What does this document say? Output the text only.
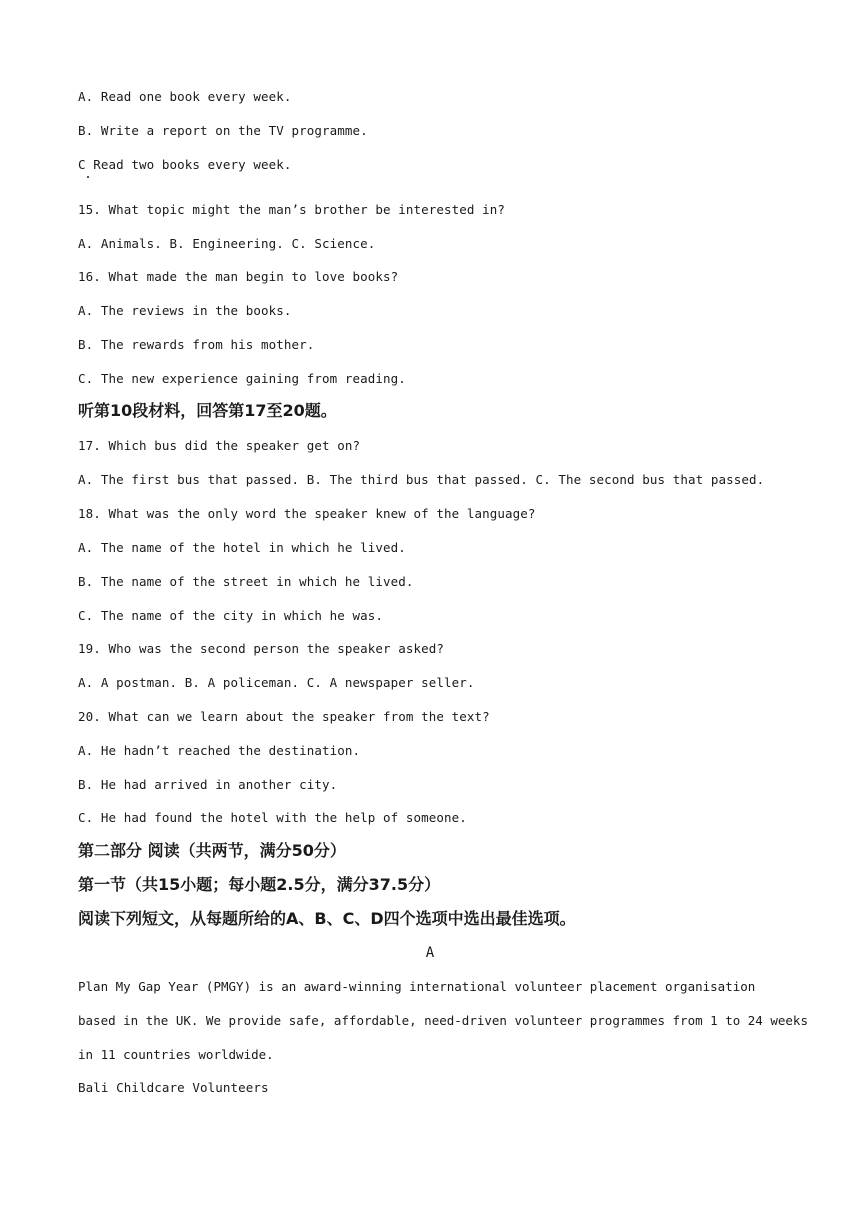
A. Read one book every week.
B. Write a report on the TV programme.
C Read two books every week.
15. What topic might the man’s brother be interested in?
A. Animals. B. Engineering. C. Science.
16. What made the man begin to love books?
A. The reviews in the books.
B. The rewards from his mother.
C. The new experience gaining from reading.
听第10段材料，回答第17至20题。
17. Which bus did the speaker get on?
A. The first bus that passed. B. The third bus that passed. C. The second bus that passed.
18. What was the only word the speaker knew of the language?
A. The name of the hotel in which he lived.
B. The name of the street in which he lived.
C. The name of the city in which he was.
19. Who was the second person the speaker asked?
A. A postman. B. A policeman. C. A newspaper seller.
20. What can we learn about the speaker from the text?
A. He hadn’t reached the destination.
B. He had arrived in another city.
C. He had found the hotel with the help of someone.
第二部分 阅读（共两节，满分50分）
第一节（共15小题；每小题2.5分，满分37.5分）
阅读下列短文，从每题所给的A、B、C、D四个选项中选出最佳选项。
A
Plan My Gap Year (PMGY) is an award-winning international volunteer placement organisation
based in the UK. We provide safe, affordable, need-driven volunteer programmes from 1 to 24 weeks
in 11 countries worldwide.
Bali Childcare Volunteers
